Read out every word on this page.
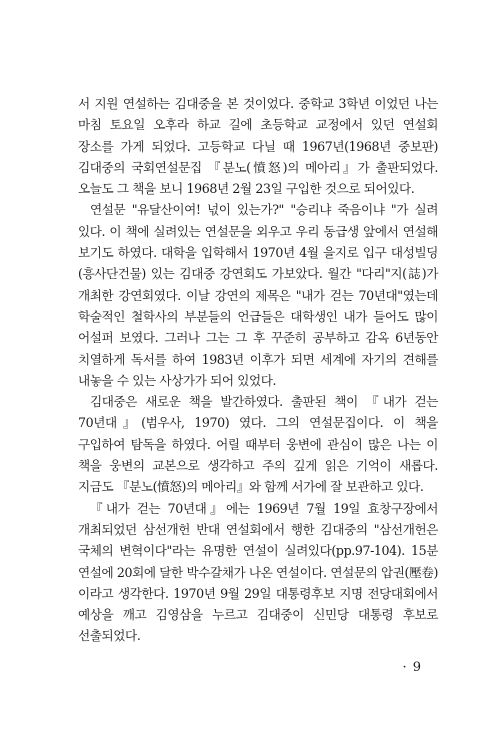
서 지원 연설하는 김대중을 본 것이었다. 중학교 3학년 이었던 나는 마침 토요일 오후라 하교 길에 초등학교 교정에서 있던 연설회 장소를 가게 되었다. 고등학교 다닐 때 1967년(1968년 중보판) 김대중의 국회연설문집 『분노(憤怒)의 메아리』가 출판되었다. 오늘도 그 책을 보니 1968년 2월 23일 구입한 것으로 되어있다.

연설문 "유달산이여! 넋이 있는가?" "승리냐 죽음이냐 "가 실려 있다. 이 책에 실려있는 연설문을 외우고 우리 동급생 앞에서 연설해 보기도 하였다. 대학을 입학해서 1970년 4월 을지로 입구 대성빌딩(흥사단건물) 있는 김대중 강연회도 가보았다. 월간 "다리"지(誌)가 개최한 강연회였다. 이날 강연의 제목은 "내가 걷는 70년대"였는데 학술적인 철학사의 부분들의 언급들은 대학생인 내가 들어도 많이 어설퍼 보였다. 그러나 그는 그 후 꾸준히 공부하고 감옥 6년동안 치열하게 독서를 하여 1983년 이후가 되면 세계에 자기의 견해를 내놓을 수 있는 사상가가 되어 있었다.

김대중은 새로운 책을 발간하였다. 출판된 책이 『내가 걷는 70년대』(범우사, 1970) 였다. 그의 연설문집이다. 이 책을 구입하여 탐독을 하였다. 어릴 때부터 웅변에 관심이 많은 나는 이 책을 웅변의 교본으로 생각하고 주의 깊게 읽은 기억이 새롭다. 지금도 『분노(憤怒)의 메아리』와 함께 서가에 잘 보관하고 있다.

『내가 걷는 70년대』에는 1969년 7월 19일 효창구장에서 개최되었던 삼선개헌 반대 연설회에서 행한 김대중의 "삼선개헌은 국체의 변혁이다"라는 유명한 연설이 실려있다(pp.97-104). 15분 연설에 20회에 달한 박수갈채가 나온 연설이다. 연설문의 압권(壓卷) 이라고 생각한다. 1970년 9월 29일 대통령후보 지명 전당대회에서 예상을 깨고 김영삼을 누르고 김대중이 신민당 대통령 후보로 선출되었다.

· 9
